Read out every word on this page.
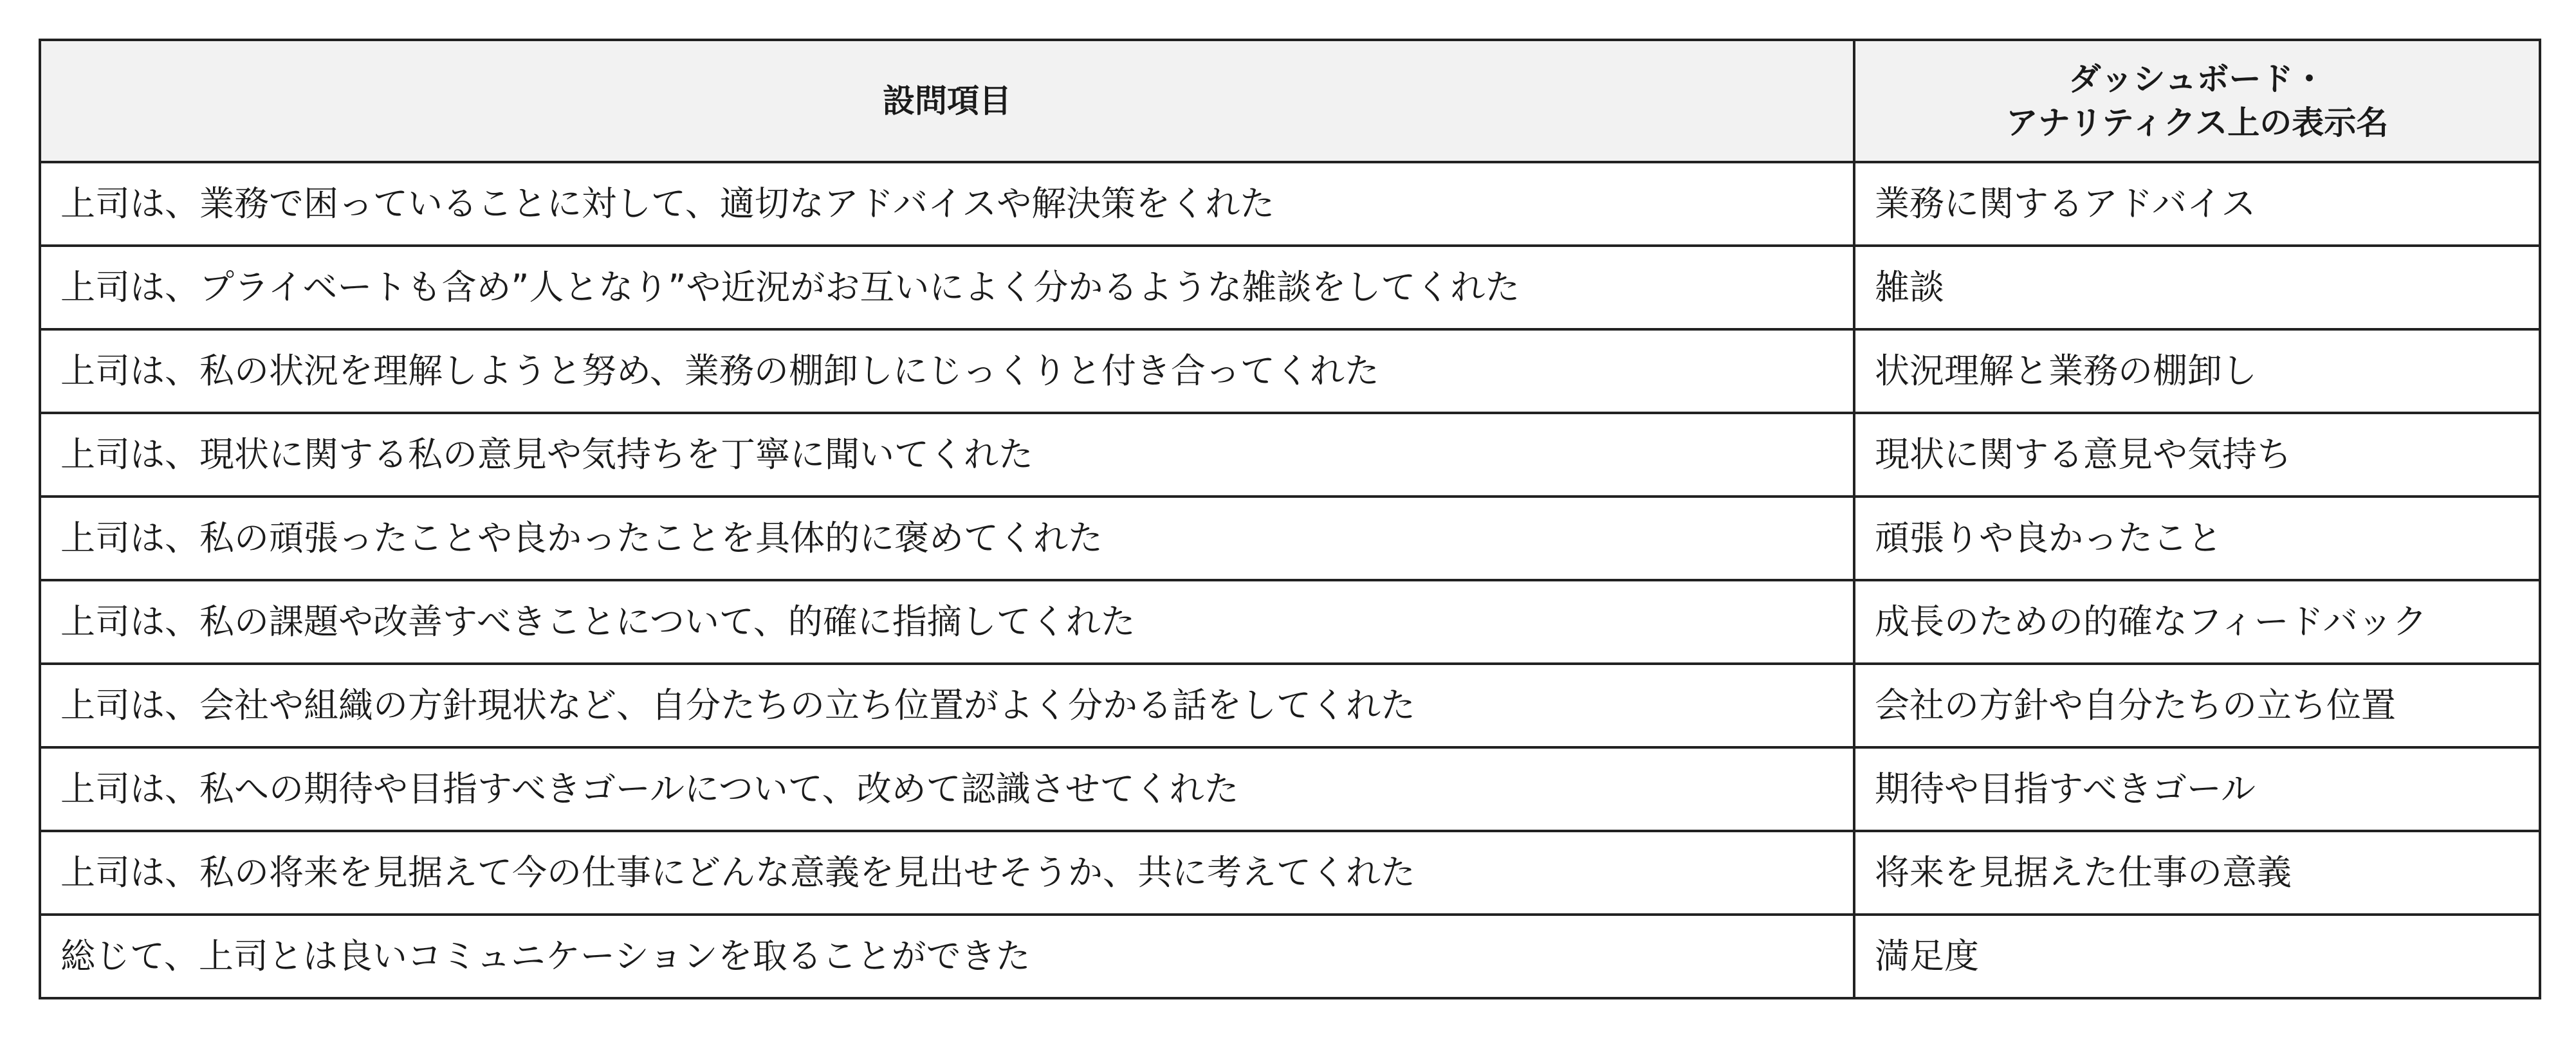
設問項目	ダッシュボード・
アナリティクス上の表示名

上司は、業務で困っていることに対して、適切なアドバイスや解決策をくれた	業務に関するアドバイス
上司は、プライベートも含め”人となり”や近況がお互いによく分かるような雑談をしてくれた	雑談
上司は、私の状況を理解しようと努め、業務の棚卸しにじっくりと付き合ってくれた	状況理解と業務の棚卸し
上司は、現状に関する私の意見や気持ちを丁寧に聞いてくれた	現状に関する意見や気持ち
上司は、私の頑張ったことや良かったことを具体的に褒めてくれた	頑張りや良かったこと
上司は、私の課題や改善すべきことについて、的確に指摘してくれた	成長のための的確なフィードバック
上司は、会社や組織の方針現状など、自分たちの立ち位置がよく分かる話をしてくれた	会社の方針や自分たちの立ち位置
上司は、私への期待や目指すべきゴールについて、改めて認識させてくれた	期待や目指すべきゴール
上司は、私の将来を見据えて今の仕事にどんな意義を見出せそうか、共に考えてくれた	将来を見据えた仕事の意義
総じて、上司とは良いコミュニケーションを取ることができた	満足度
